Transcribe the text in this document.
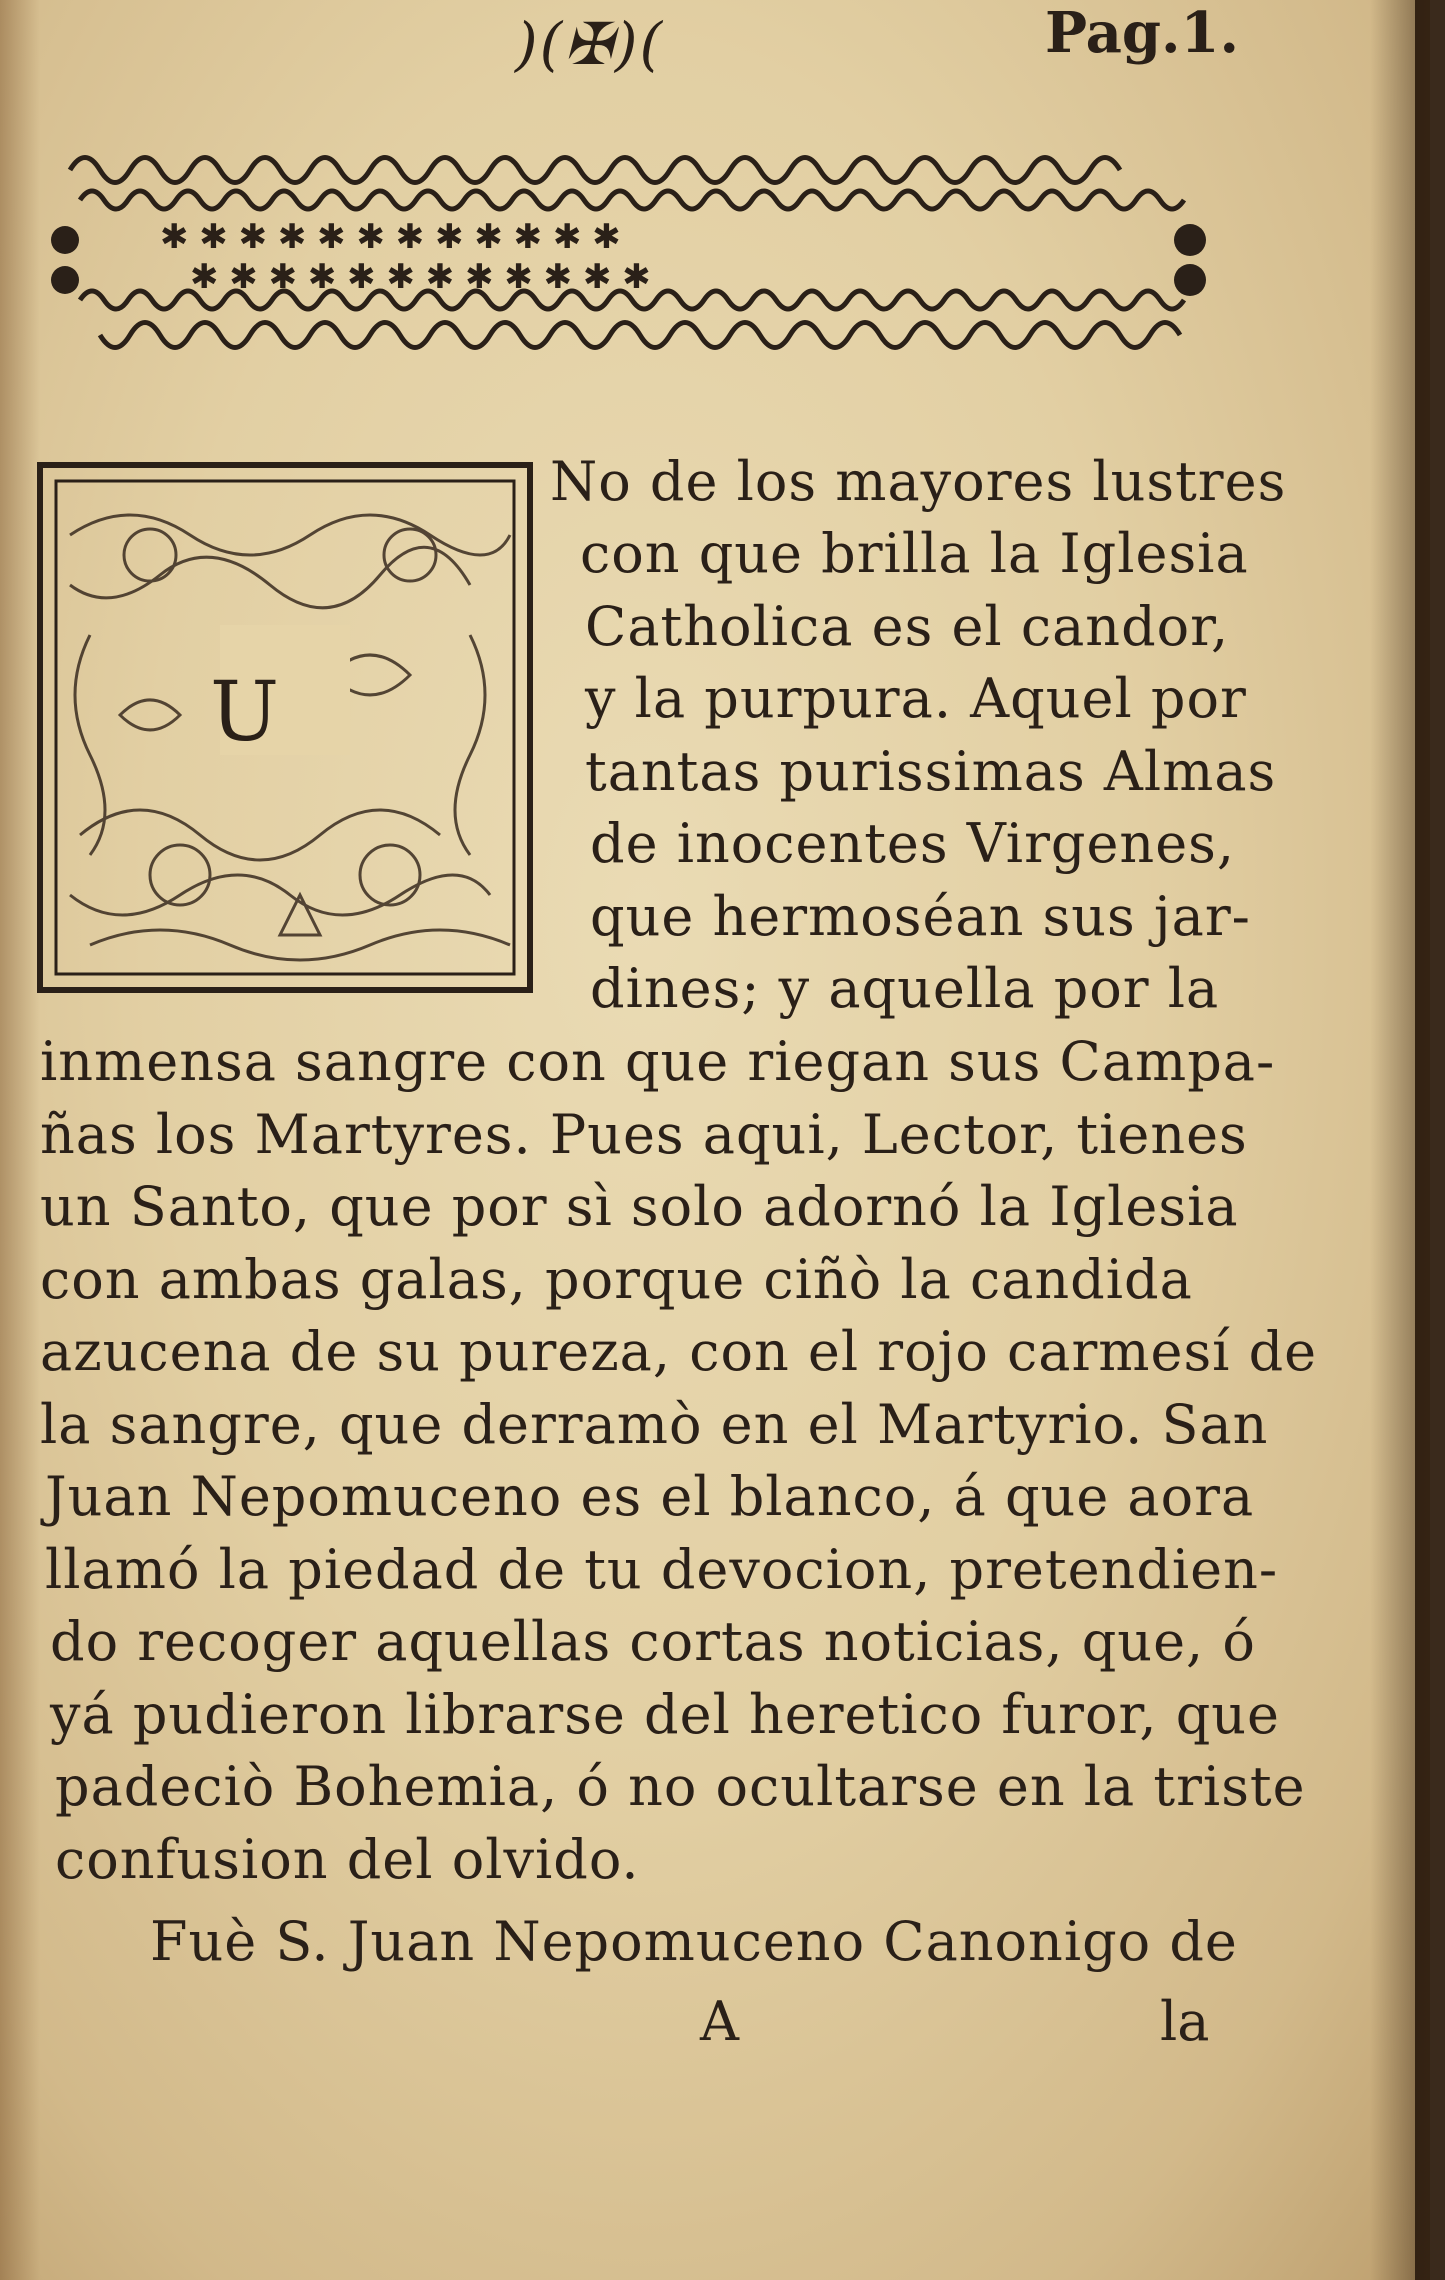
)(✠)(	Pag.1.
✱ ✱ ✱ ✱ ✱ ✱ ✱ ✱ ✱ ✱ ✱ ✱
✱ ✱ ✱ ✱ ✱ ✱ ✱ ✱ ✱ ✱ ✱ ✱
U
No de los mayores lustres
con que brilla la Iglesia
Catholica es el candor,
y la purpura. Aquel por
tantas purissimas Almas
de inocentes Virgenes,
que hermoséan sus jar-
dines; y aquella por la
inmensa sangre con que riegan sus Campa-
ñas los Martyres. Pues aqui, Lector, tienes
un Santo, que por sì solo adornó la Iglesia
con ambas galas, porque ciñò la candida
azucena de su pureza, con el rojo carmesí de
la sangre, que derramò en el Martyrio. San
Juan Nepomuceno es el blanco, á que aora
llamó la piedad de tu devocion, pretendien-
do recoger aquellas cortas noticias, que, ó
yá pudieron librarse del heretico furor, que
padeciò Bohemia, ó no ocultarse en la triste
confusion del olvido.
Fuè S. Juan Nepomuceno Canonigo de
A	la
